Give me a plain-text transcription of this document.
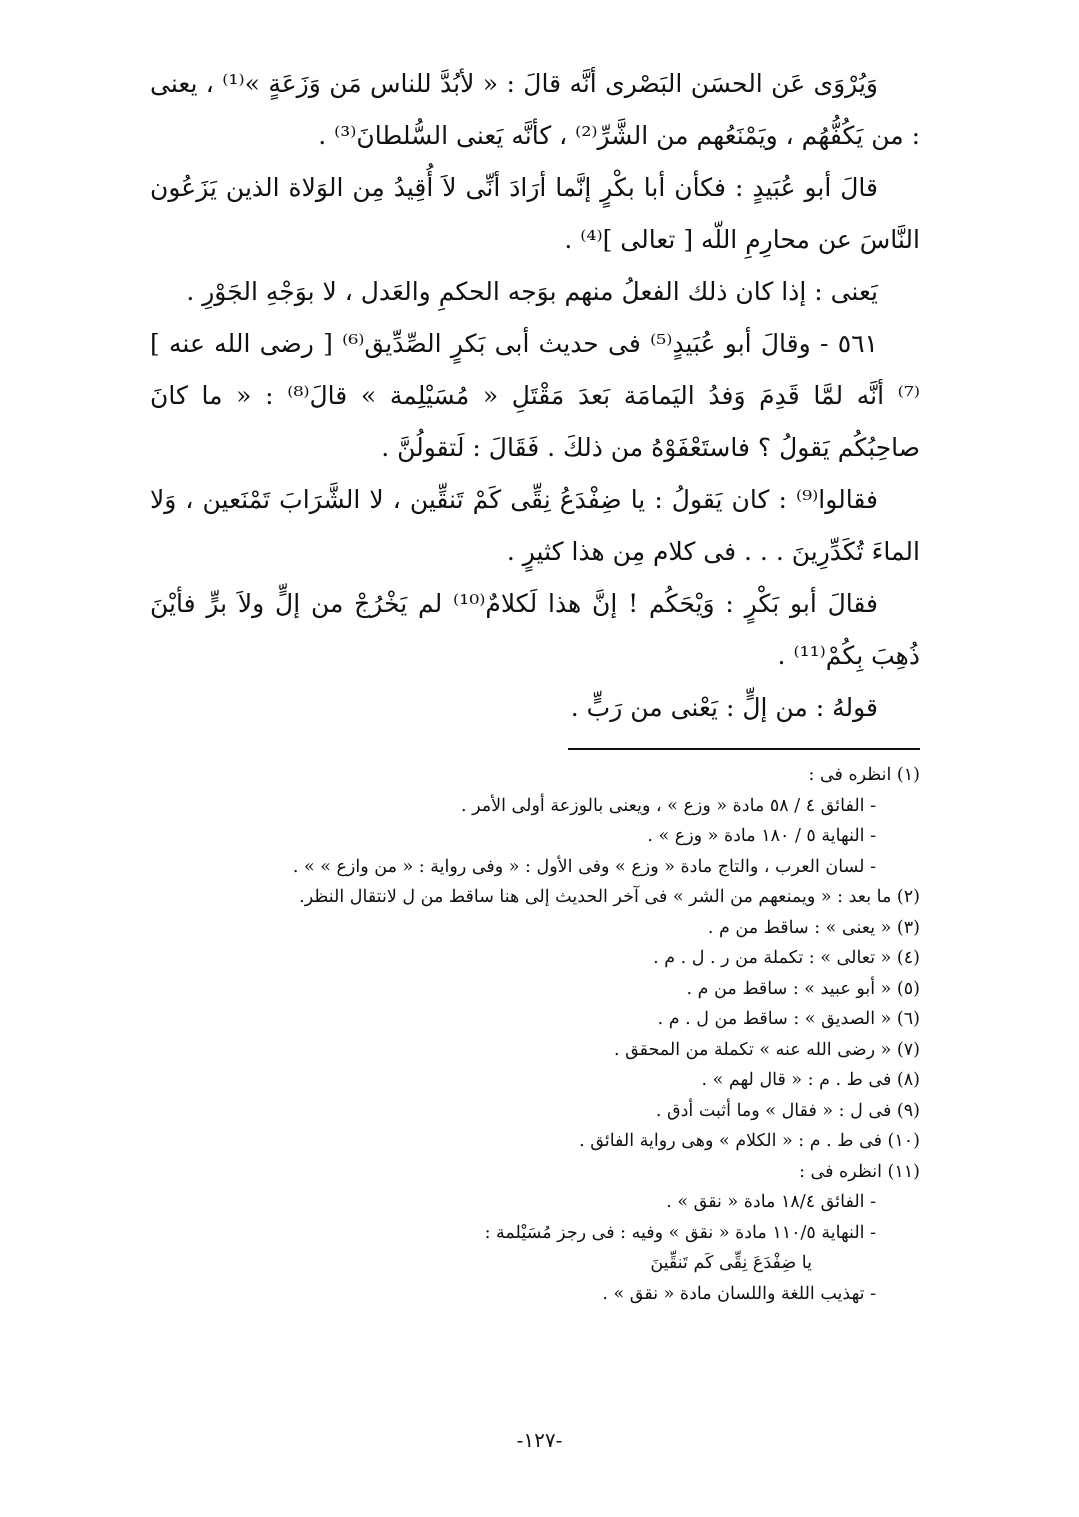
وَيُرْوَى عَن الحسَن البَصْرى أنَّه قالَ : « لأبُدَّ للناس مَن وَزَعَةٍ »⁽¹⁾ ، يعنى : من يَكُفُّهُم ، ويَمْنَعُهم من الشَّرِّ⁽²⁾ ، كأنَّه يَعنى السُّلطانَ⁽³⁾ .

قالَ أبو عُبَيدٍ : فكأن أبا بكْرٍ إنَّما أرَادَ أنِّى لاَ أُقِيدُ مِن الوَلاة الذين يَزَعُون النَّاسَ عن محارِمِ اللّه [ تعالى ]⁽⁴⁾ .

يَعنى : إذا كان ذلك الفعلُ منهم بوَجه الحكمِ والعَدل ، لا بوَجْهِ الجَوْرِ .

٥٦١ - وقالَ أبو عُبَيدٍ⁽⁵⁾ فى حديث أبى بَكرٍ الصِّدِّيق⁽⁶⁾ [ رضى الله عنه ]⁽⁷⁾ أنَّه لمَّا قَدِمَ وَفدُ اليَمامَة بَعدَ مَقْتَلِ « مُسَيْلِمة » قالَ⁽⁸⁾ : « ما كانَ صاحِبُكُم يَقولُ ؟ فاستَعْفَوْهُ من ذلكَ . فَقَالَ : لَتقولُنَّ .

فقالوا⁽⁹⁾ : كان يَقولُ : يا ضِفْدَعُ نِقِّى كَمْ تَنقِّين ، لا الشَّرَابَ تَمْنَعين ، وَلا الماءَ تُكَدِّرِينَ . . . فى كلام مِن هذا كثيرٍ .

فقالَ أبو بَكْرٍ : وَيْحَكُم ! إنَّ هذا لَكلامٌ⁽¹⁰⁾ لم يَخْرُجْ من إلٍّ ولاَ برٍّ فأيْنَ ذُهِبَ بِكُمْ⁽¹¹⁾ .

قولهُ : من إلٍّ : يَعْنى من رَبٍّ .

(١) انظره فى :

- الفائق ٤ / ٥٨ مادة « وزع » ، ويعنى بالوزعة أولى الأمر .

- النهاية ٥ / ١٨٠ مادة « وزع » .

- لسان العرب ، والتاج مادة « وزع » وفى الأول : « وفى رواية : « من وازع » » .

(٢) ما بعد : « ويمنعهم من الشر » فى آخر الحديث إلى هنا ساقط من ل لانتقال النظر.

(٣) « يعنى » : ساقط من م .

(٤) « تعالى » : تكملة من ر . ل . م .

(٥) « أبو عبيد » : ساقط من م .

(٦) « الصديق » : ساقط من ل . م .

(٧) « رضى الله عنه » تكملة من المحقق .

(٨) فى ط . م : « قال لهم » .

(٩) فى ل : « فقال » وما أثبت أدق .

(١٠) فى ط . م : « الكلام » وهى رواية الفائق .

(١١) انظره فى :

- الفائق ١٨/٤ مادة « نقق » .

- النهاية ١١٠/٥ مادة « نقق » وفيه : فى رجز مُسَيْلمة :

يا ضِفْدَعَ نِقِّى كَم تَنقِّينَ

- تهذيب اللغة واللسان مادة « نقق » .

-١٢٧-
